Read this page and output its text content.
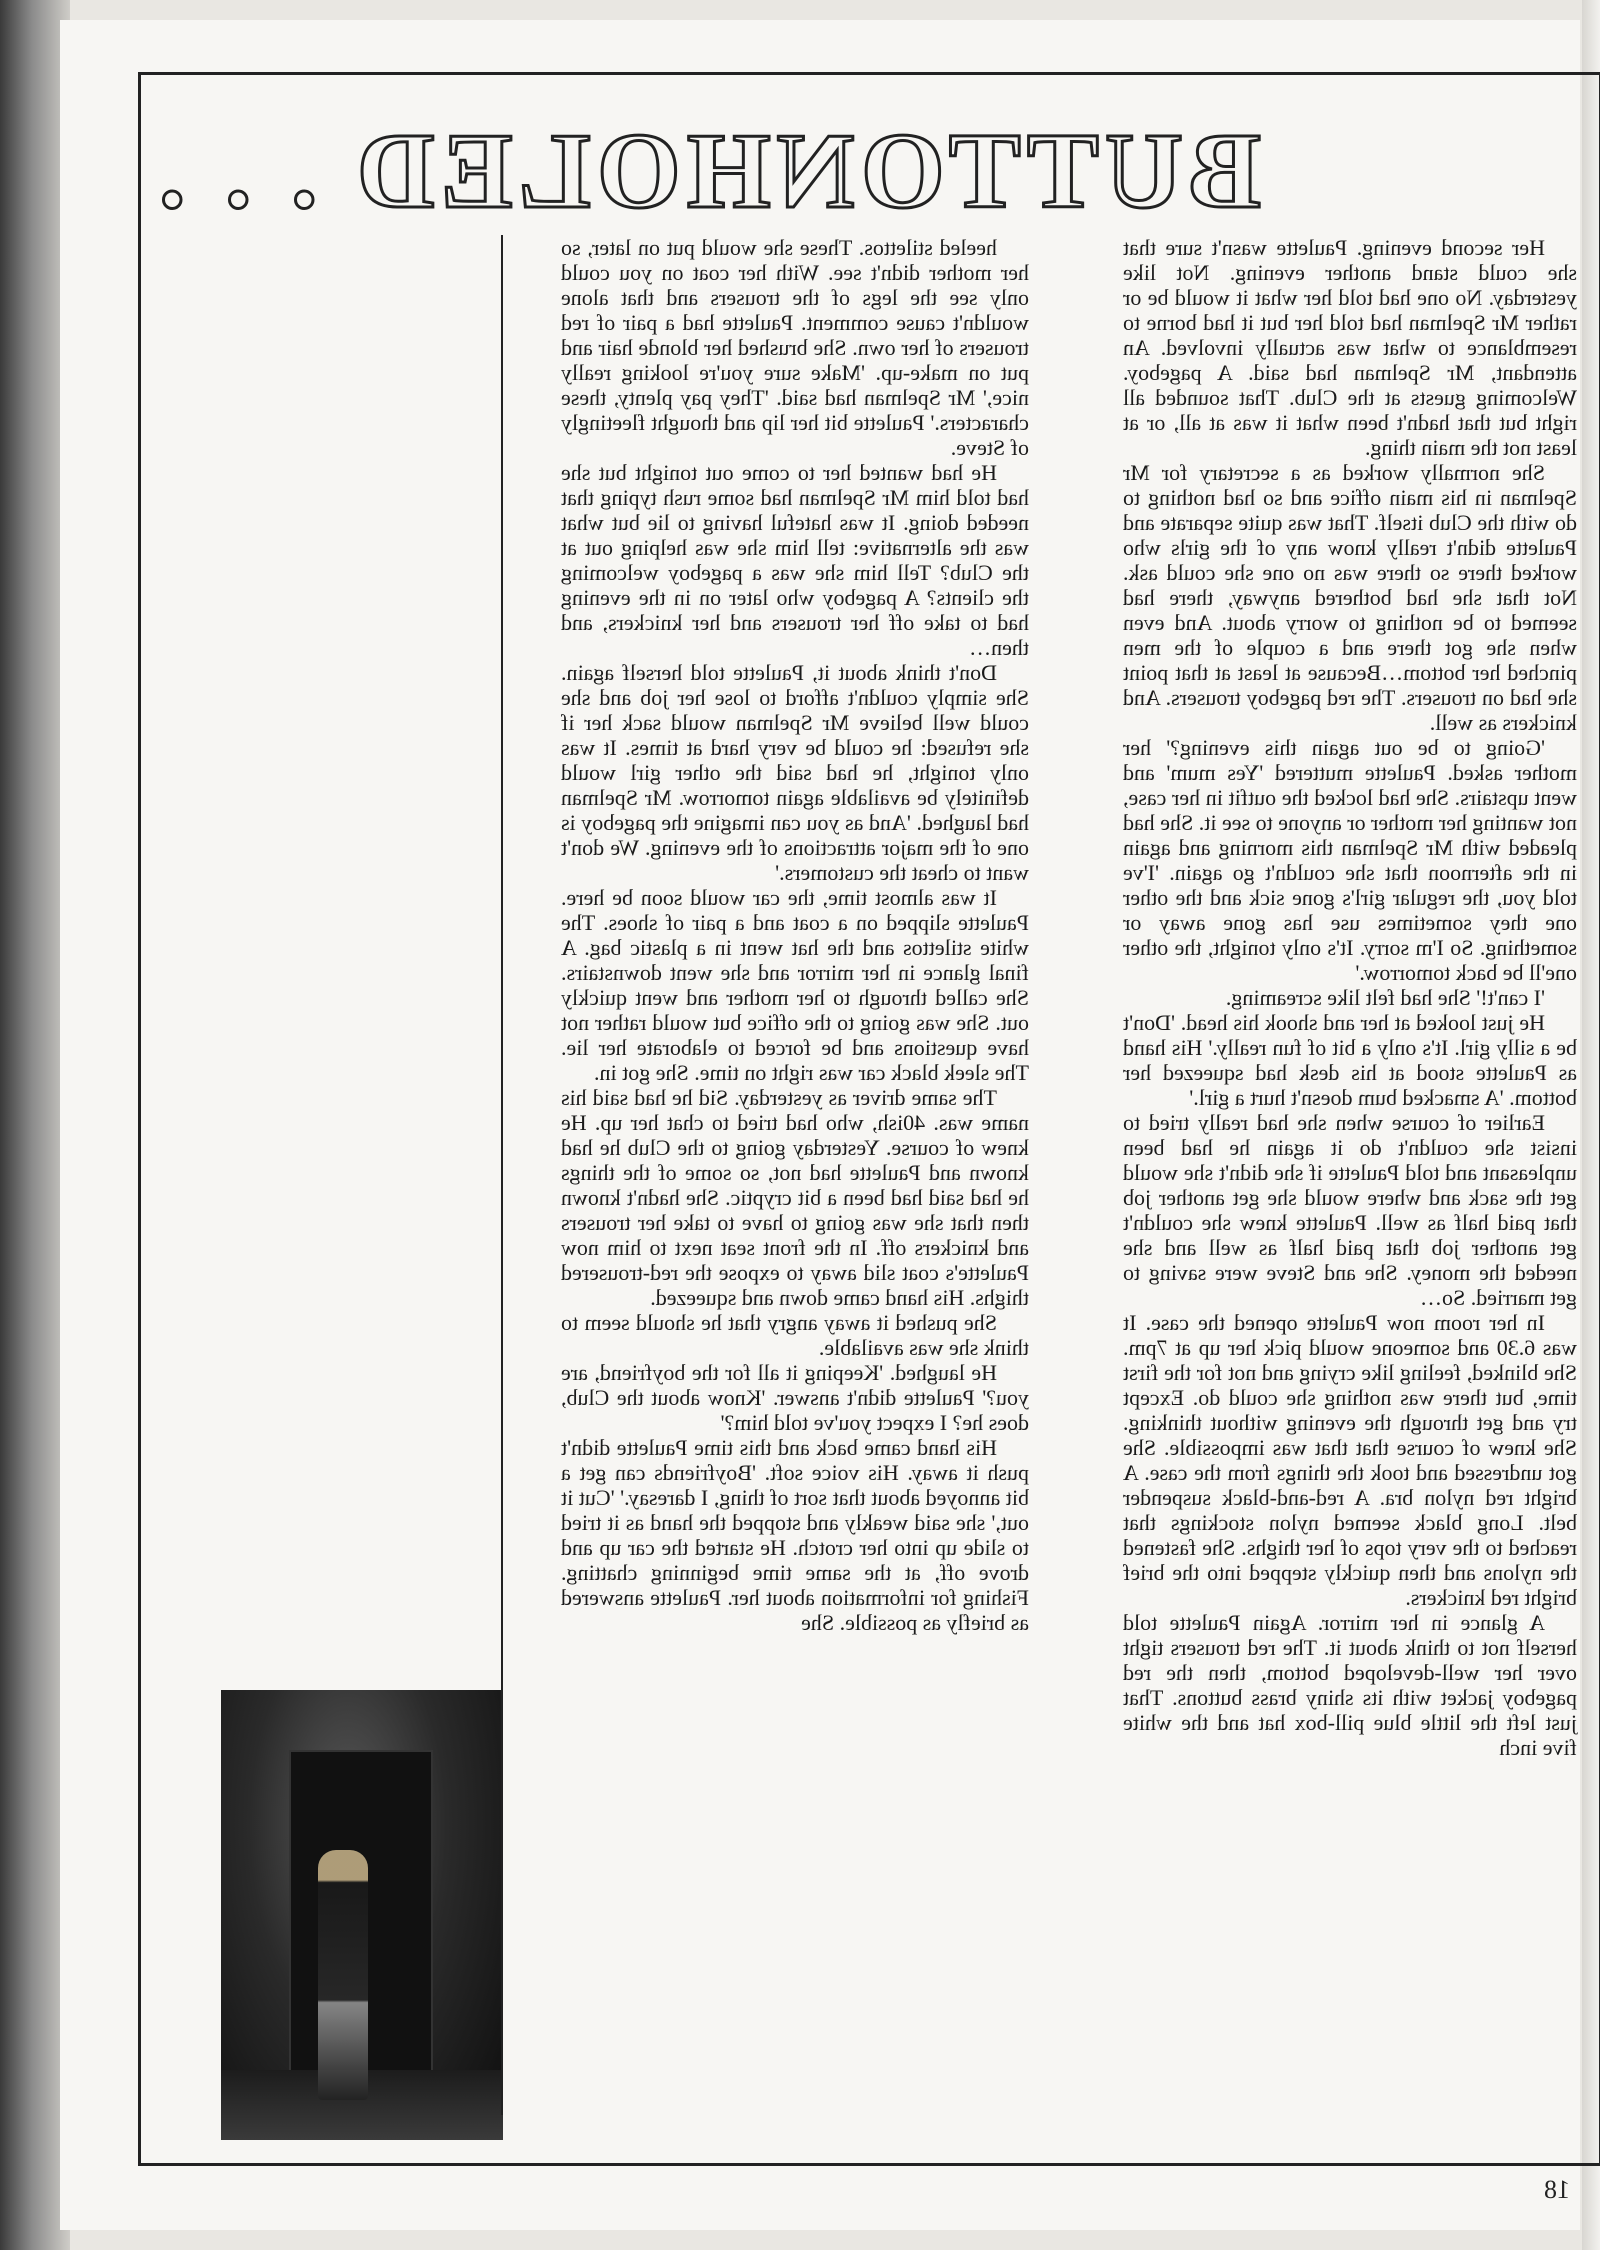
BUTTONHOLED . . .

Her second evening. Paulette wasn't sure that she could stand another evening. Not like yesterday. No one had told her what it would be or rather Mr Spelman had told her but it had borne to resemblance to what was actually involved. An attendant, Mr Spelman had said. A pageboy. Welcoming guests at the Club. That sounded all right but that hadn't been what it was at all, or at least not the main thing.

She normally worked as a secretary for Mr Spelman in his main office and so had nothing to do with the Club itself. That was quite separate and Paulette didn't really know any of the girls who worked there so there was no one she could ask. Not that she had bothered anyway, there had seemed to be nothing to worry about. And even when she got there and a couple of the men pinched her bottom…Because at least at that point she had on trousers. The red pageboy trousers. And knickers as well.

'Going to be out again this evening?' her mother asked. Paulette muttered 'Yes mum' and went upstairs. She had locked the outfit in her case, not wanting her mother or anyone to see it. She had pleaded with Mr Spelman this morning and again in the afternoon that she couldn't go again. 'I've told you, the regular girl's gone sick and the other one they sometimes use has gone away or something. So I'm sorry. It's only tonight, the other one'll be back tomorrow.'

'I can't!' She had felt like screaming.

He just looked at her and shook his head. 'Don't be a silly girl. It's only a bit of fun really.' His hand as Paulette stood at his desk had squeezed her bottom. 'A smacked bum doesn't hurt a girl.'

Earlier of course when she had really tried to insist she couldn't do it again he had been unpleasant and told Paulette if she didn't she would get the sack and where would she get another job that paid half as well. Paulette knew she couldn't get another job that paid half as well and she needed the money. She and Steve were saving to get married. So…

In her room now Paulette opened the case. It was 6.30 and someone would pick her up at 7pm. She blinked, feeling like crying and not for the first time, but there was nothing she could do. Except try and get through the evening without thinking. She knew of course that that was impossible. She got undressed and took the things from the case. A bright red nylon bra. A red-and-black suspender belt. Long black seemed nylon stockings that reached to the very tops of her thighs. She fastened the nylons and then quickly stepped into the brief bright red knickers.

A glance in her mirror. Again Paulette told herself not to think about it. The red trousers tight over her well-developed bottom, then the red pageboy jacket with its shiny brass buttons. That just left the little blue pill-box hat and the white five inch

heeled stilettos. These she would put on later, so her mother didn't see. With her coat on you could only see the legs of the trousers and that alone wouldn't cause comment. Paulette had a pair of red trousers of her own. She brushed her blonde hair and put on make-up. 'Make sure you're looking really nice,' Mr Spelman had said. 'They pay plenty, these characters.' Paulette bit her lip and thought fleetingly of Steve.

He had wanted her to come out tonight but she had told him Mr Spelman had some rush typing that needed doing. It was hateful having to lie but what was the alternative: tell him she was helping out at the Club? Tell him she was a pageboy welcoming the clients? A pageboy who later on in the evening had to take off her trousers and her knickers, and then…

Don't think about it, Paulette told herself again. She simply couldn't afford to lose her job and she could well believe Mr Spelman would sack her if she refused: he could be very hard at times. It was only tonight, he had said the other girl would definitely be available again tomorrow. Mr Spelman had laughed. 'And as you can imagine the pageboy is one of the major attractions of the evening. We don't want to cheat the customers.'

It was almost time, the car would soon be here. Paulette slipped on a coat and a pair of shoes. The white stilettos and the hat went in a plastic bag. A final glance in her mirror and she went downstairs. She called through to her mother and went quickly out. She was going to the office but would rather not have questions and be forced to elaborate her lie. The sleek black car was right on time. She got in.

The same driver as yesterday. Sid he had said his name was. 40ish, who had tried to chat her up. He knew of course. Yesterday going to the Club he had known and Paulette had not, so some of the things he had said had been a bit cryptic. She hadn't known then that she was going to have to take her trousers and knickers off. In the front seat next to him now Paulette's coat slid away to expose the red-trousered thighs. His hand came down and squeezed.

She pushed it away angry that he should seem to think she was available.

He laughed. 'Keeping it all for the boyfriend, are you?' Paulette didn't answer. 'Know about the Club, does he? I expect you've told him?'

His hand came back and this time Paulette didn't push it away. His voice soft. 'Boyfriends can get a bit annoyed about that sort of thing, I daresay.' 'Cut it out,' she said weakly and stopped the hand as it tried to slide up into her crotch. He started the car up and drove off, at the same time beginning chatting. Fishing for information about her. Paulette answered as briefly as possible. She

18
